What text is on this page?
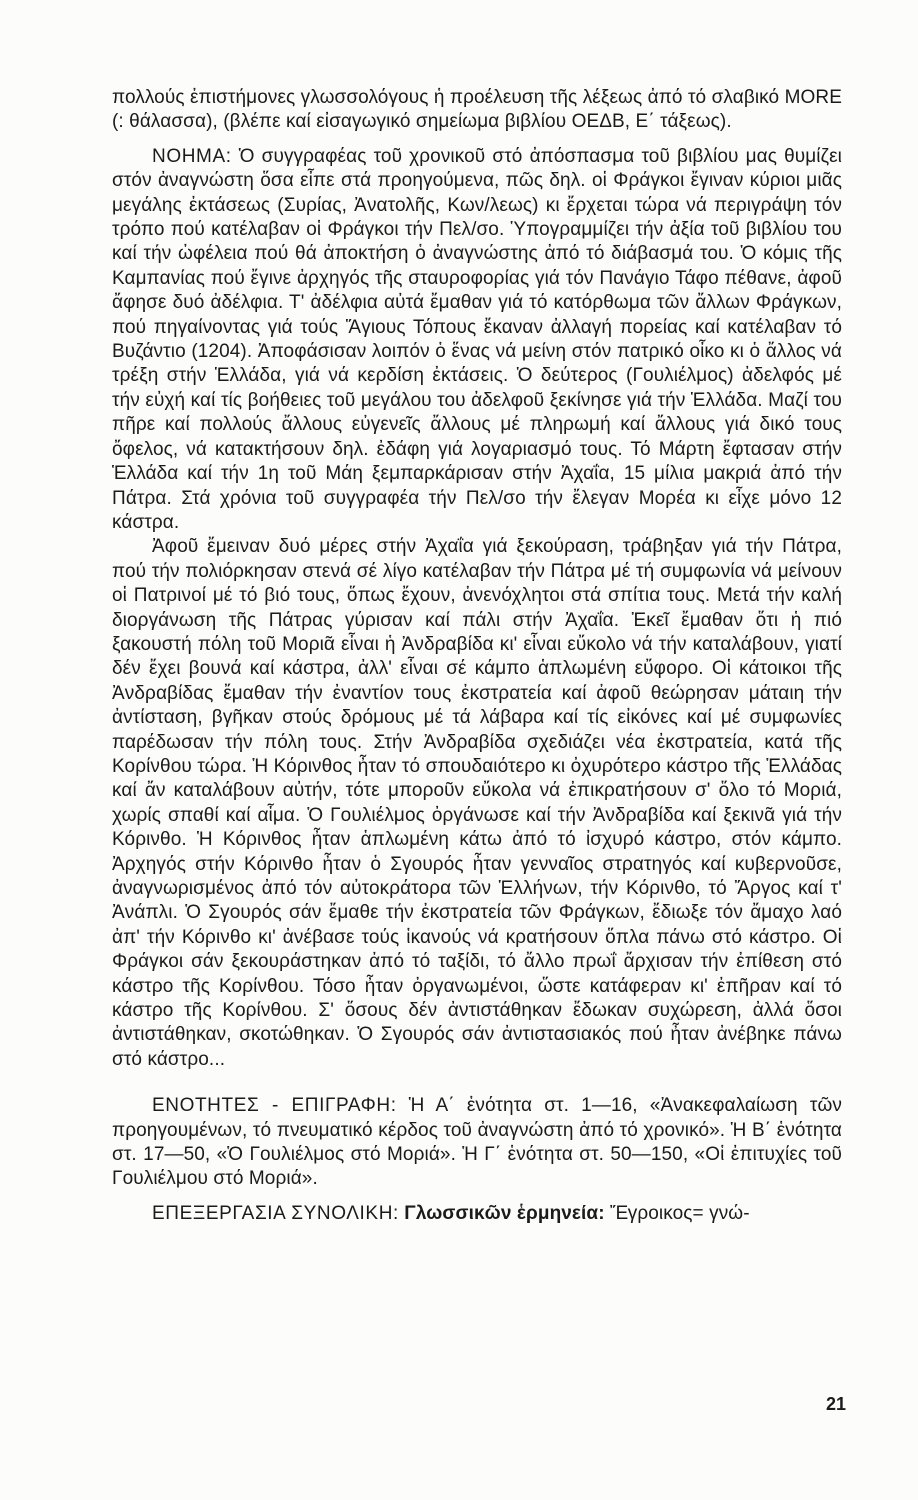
πολλούς ἐπιστήμονες γλωσσολόγους ἡ προέλευση τῆς λέξεως ἀπό τό σλαβικό MORE (: θάλασσα), (βλέπε καί εἰσαγωγικό σημείωμα βιβλίου ΟΕΔΒ, Ε΄ τάξεως).

ΝΟΗΜΑ: Ὁ συγγραφέας τοῦ χρονικοῦ στό ἀπόσπασμα τοῦ βιβλίου μας θυμίζει στόν ἀναγνώστη ὅσα εἶπε στά προηγούμενα, πῶς δηλ. οἱ Φράγκοι ἔγιναν κύριοι μιᾶς μεγάλης ἐκτάσεως (Συρίας, Ἀνατολῆς, Κων/λεως) κι ἔρχεται τώρα νά περιγράψη τόν τρόπο πού κατέλαβαν οἱ Φράγκοι τήν Πελ/σο. Ὑπογραμμίζει τήν ἀξία τοῦ βιβλίου του καί τήν ὠφέλεια πού θά ἀποκτήση ὁ ἀναγνώστης ἀπό τό διάβασμά του. Ὁ κόμις τῆς Καμπανίας πού ἔγινε ἀρχηγός τῆς σταυροφορίας γιά τόν Πανάγιο Τάφο πέθανε, ἀφοῦ ἄφησε δυό ἀδέλφια. Τ' ἀδέλφια αὐτά ἔμαθαν γιά τό κατόρθωμα τῶν ἄλλων Φράγκων, πού πηγαίνοντας γιά τούς Ἅγιους Τόπους ἔκαναν ἀλλαγή πορείας καί κατέλαβαν τό Βυζάντιο (1204). Ἀποφάσισαν λοιπόν ὁ ἕνας νά μείνη στόν πατρικό οἶκο κι ὁ ἄλλος νά τρέξη στήν Ἑλλάδα, γιά νά κερδίση ἐκτάσεις. Ὁ δεύτερος (Γουλιέλμος) ἀδελφός μέ τήν εὐχή καί τίς βοήθειες τοῦ μεγάλου του ἀδελφοῦ ξεκίνησε γιά τήν Ἑλλάδα. Μαζί του πῆρε καί πολλούς ἄλλους εὐγενεῖς ἄλλους μέ πληρωμή καί ἄλλους γιά δικό τους ὄφελος, νά κατακτήσουν δηλ. ἐδάφη γιά λογαριασμό τους. Τό Μάρτη ἔφτασαν στήν Ἑλλάδα καί τήν 1η τοῦ Μάη ξεμπαρκάρισαν στήν Ἀχαΐα, 15 μίλια μακριά ἀπό τήν Πάτρα. Στά χρόνια τοῦ συγγραφέα τήν Πελ/σο τήν ἔλεγαν Μορέα κι εἶχε μόνο 12 κάστρα.

Ἀφοῦ ἔμειναν δυό μέρες στήν Ἀχαΐα γιά ξεκούραση, τράβηξαν γιά τήν Πάτρα, πού τήν πολιόρκησαν στενά σέ λίγο κατέλαβαν τήν Πάτρα μέ τή συμφωνία νά μείνουν οἱ Πατρινοί μέ τό βιό τους, ὅπως ἔχουν, ἀνενόχλητοι στά σπίτια τους. Μετά τήν καλή διοργάνωση τῆς Πάτρας γύρισαν καί πάλι στήν Ἀχαΐα. Ἐκεῖ ἔμαθαν ὅτι ἡ πιό ξακουστή πόλη τοῦ Μοριᾶ εἶναι ἡ Ἀνδραβίδα κι' εἶναι εὔκολο νά τήν καταλάβουν, γιατί δέν ἔχει βουνά καί κάστρα, ἀλλ' εἶναι σέ κάμπο ἁπλωμένη εὔφορο. Οἱ κάτοικοι τῆς Ἀνδραβίδας ἔμαθαν τήν ἐναντίον τους ἐκστρατεία καί ἀφοῦ θεώρησαν μάταιη τήν ἀντίσταση, βγῆκαν στούς δρόμους μέ τά λάβαρα καί τίς εἰκόνες καί μέ συμφωνίες παρέδωσαν τήν πόλη τους. Στήν Ἀνδραβίδα σχεδιάζει νέα ἐκστρατεία, κατά τῆς Κορίνθου τώρα. Ἡ Κόρινθος ἦταν τό σπουδαιότερο κι ὀχυρότερο κάστρο τῆς Ἑλλάδας καί ἄν καταλάβουν αὐτήν, τότε μποροῦν εὔκολα νά ἐπικρατήσουν σ' ὅλο τό Μοριά, χωρίς σπαθί καί αἷμα. Ὁ Γουλιέλμος ὀργάνωσε καί τήν Ἀνδραβίδα καί ξεκινᾶ γιά τήν Κόρινθο. Ἡ Κόρινθος ἦταν ἁπλωμένη κάτω ἀπό τό ἰσχυρό κάστρο, στόν κάμπο. Ἀρχηγός στήν Κόρινθο ἦταν ὁ Σγουρός ἦταν γενναῖος στρατηγός καί κυβερνοῦσε, ἀναγνωρισμένος ἀπό τόν αὐτοκράτορα τῶν Ἑλλήνων, τήν Κόρινθο, τό Ἄργος καί τ' Ἀνάπλι. Ὁ Σγουρός σάν ἔμαθε τήν ἐκστρατεία τῶν Φράγκων, ἔδιωξε τόν ἄμαχο λαό ἀπ' τήν Κόρινθο κι' ἀνέβασε τούς ἱκανούς νά κρατήσουν ὅπλα πάνω στό κάστρο. Οἱ Φράγκοι σάν ξεκουράστηκαν ἀπό τό ταξίδι, τό ἄλλο πρωΐ ἄρχισαν τήν ἐπίθεση στό κάστρο τῆς Κορίνθου. Τόσο ἦταν ὀργανωμένοι, ὥστε κατάφεραν κι' ἐπῆραν καί τό κάστρο τῆς Κορίνθου. Σ' ὅσους δέν ἀντιστάθηκαν ἔδωκαν συχώρεση, ἀλλά ὅσοι ἀντιστάθηκαν, σκοτώθηκαν. Ὁ Σγουρός σάν ἀντιστασιακός πού ἦταν ἀνέβηκε πάνω στό κάστρο...

ΕΝΟΤΗΤΕΣ - ΕΠΙΓΡΑΦΗ: Ἡ Α΄ ἑνότητα στ. 1—16, «Ἀνακεφαλαίωση τῶν προηγουμένων, τό πνευματικό κέρδος τοῦ ἀναγνώστη ἀπό τό χρονικό». Ἡ Β΄ ἑνότητα στ. 17—50, «Ὁ Γουλιέλμος στό Μοριά». Ἡ Γ΄ ἑνότητα στ. 50—150, «Οἱ ἐπιτυχίες τοῦ Γουλιέλμου στό Μοριά».

ΕΠΕΞΕΡΓΑΣΙΑ ΣΥΝΟΛΙΚΗ: Γλωσσικῶν ἑρμηνεία: Ἔγροικος= γνώ-

21
